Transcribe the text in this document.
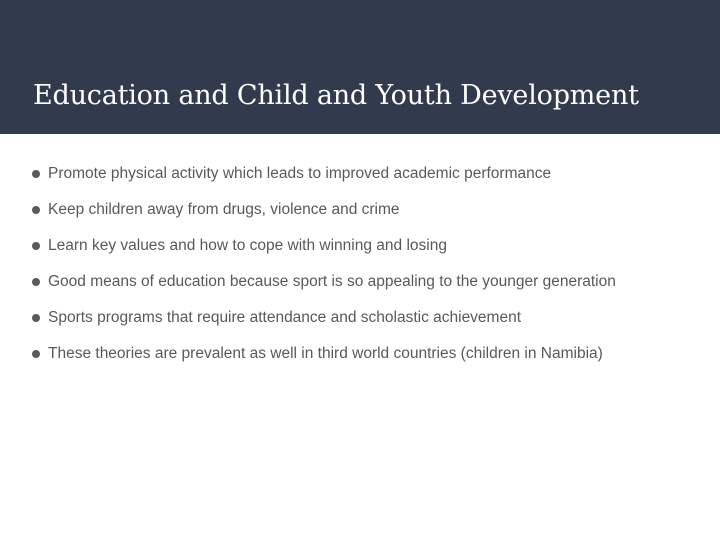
Education and Child and Youth Development
Promote physical activity which leads to improved academic performance
Keep children away from drugs, violence and crime
Learn key values and how to cope with winning and losing
Good means of education because sport is so appealing to the younger generation
Sports programs that require attendance and scholastic achievement
These theories are prevalent as well in third world countries (children in Namibia)
